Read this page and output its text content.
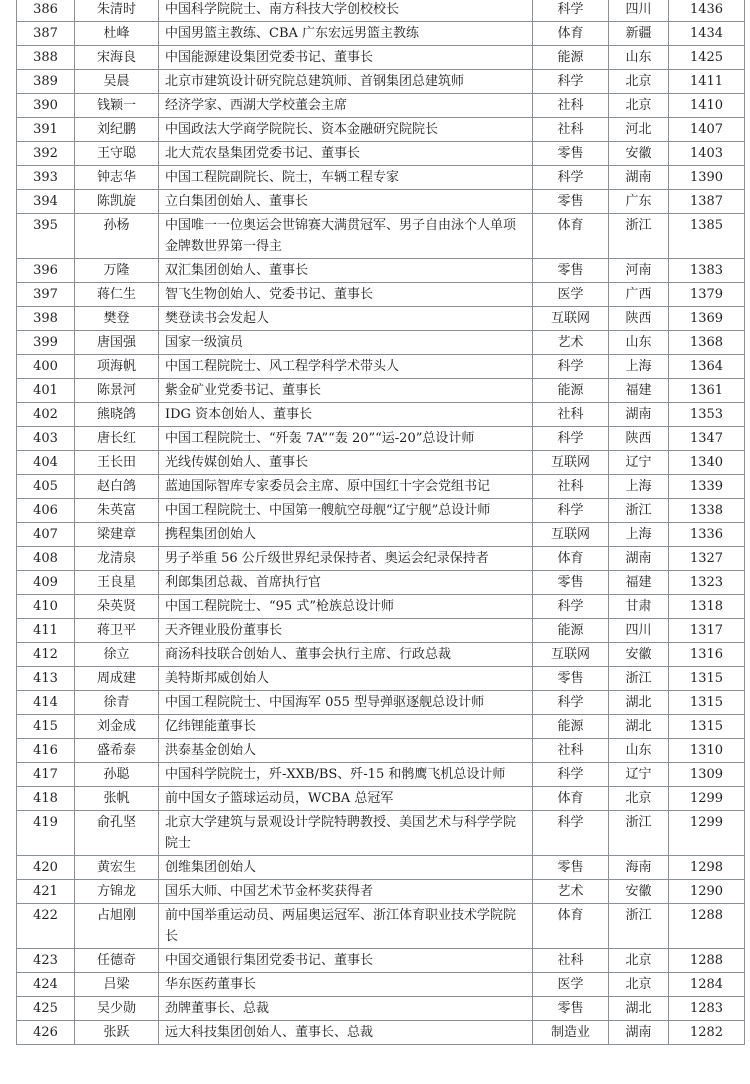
386	朱清时	中国科学院院士、南方科技大学创校校长	科学	四川	1436
387	杜峰	中国男篮主教练、CBA 广东宏远男篮主教练	体育	新疆	1434
388	宋海良	中国能源建设集团党委书记、董事长	能源	山东	1425
389	吴晨	北京市建筑设计研究院总建筑师、首钢集团总建筑师	科学	北京	1411
390	钱颖一	经济学家、西湖大学校董会主席	社科	北京	1410
391	刘纪鹏	中国政法大学商学院院长、资本金融研究院院长	社科	河北	1407
392	王守聪	北大荒农垦集团党委书记、董事长	零售	安徽	1403
393	钟志华	中国工程院副院长、院士，车辆工程专家	科学	湖南	1390
394	陈凯旋	立白集团创始人、董事长	零售	广东	1387
395	孙杨	中国唯一一位奥运会世锦赛大满贯冠军、男子自由泳个人单项金牌数世界第一得主	体育	浙江	1385
396	万隆	双汇集团创始人、董事长	零售	河南	1383
397	蒋仁生	智飞生物创始人、党委书记、董事长	医学	广西	1379
398	樊登	樊登读书会发起人	互联网	陕西	1369
399	唐国强	国家一级演员	艺术	山东	1368
400	项海帆	中国工程院院士、风工程学科学术带头人	科学	上海	1364
401	陈景河	紫金矿业党委书记、董事长	能源	福建	1361
402	熊晓鸽	IDG 资本创始人、董事长	社科	湖南	1353
403	唐长红	中国工程院院士、“歼轰 7A”“轰 20”“运-20”总设计师	科学	陕西	1347
404	王长田	光线传媒创始人、董事长	互联网	辽宁	1340
405	赵白鸽	蓝迪国际智库专家委员会主席、原中国红十字会党组书记	社科	上海	1339
406	朱英富	中国工程院院士、中国第一艘航空母舰“辽宁舰”总设计师	科学	浙江	1338
407	梁建章	携程集团创始人	互联网	上海	1336
408	龙清泉	男子举重 56 公斤级世界纪录保持者、奥运会纪录保持者	体育	湖南	1327
409	王良星	利郎集团总裁、首席执行官	零售	福建	1323
410	朵英贤	中国工程院院士、“95 式”枪族总设计师	科学	甘肃	1318
411	蒋卫平	天齐锂业股份董事长	能源	四川	1317
412	徐立	商汤科技联合创始人、董事会执行主席、行政总裁	互联网	安徽	1316
413	周成建	美特斯邦威创始人	零售	浙江	1315
414	徐青	中国工程院院士、中国海军 055 型导弹驱逐舰总设计师	科学	湖北	1315
415	刘金成	亿纬锂能董事长	能源	湖北	1315
416	盛希泰	洪泰基金创始人	社科	山东	1310
417	孙聪	中国科学院院士，歼-XXB/BS、歼-15 和鹘鹰飞机总设计师	科学	辽宁	1309
418	张帆	前中国女子篮球运动员，WCBA 总冠军	体育	北京	1299
419	俞孔坚	北京大学建筑与景观设计学院特聘教授、美国艺术与科学学院院士	科学	浙江	1299
420	黄宏生	创维集团创始人	零售	海南	1298
421	方锦龙	国乐大师、中国艺术节金杯奖获得者	艺术	安徽	1290
422	占旭刚	前中国举重运动员、两届奥运冠军、浙江体育职业技术学院院长	体育	浙江	1288
423	任德奇	中国交通银行集团党委书记、董事长	社科	北京	1288
424	吕梁	华东医药董事长	医学	北京	1284
425	吴少勋	劲牌董事长、总裁	零售	湖北	1283
426	张跃	远大科技集团创始人、董事长、总裁	制造业	湖南	1282
